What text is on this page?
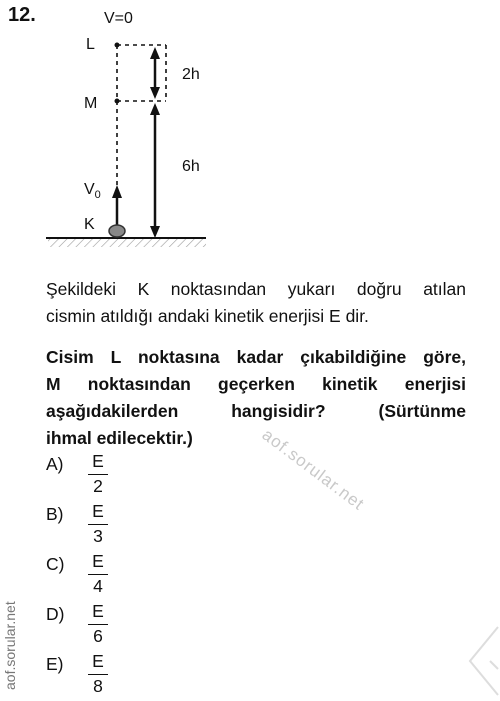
12.	V=0
L
M
2h
6h
$V_0$
K
Şekildeki K noktasından yukarı doğru atılan
cismin atıldığı andaki kinetik enerjisi E dir.
Cisim L noktasına kadar çıkabildiğine göre,
M noktasından geçerken kinetik enerjisi
aşağıdakilerden hangisidir? (Sürtünme
ihmal edilecektir.)
$A) \frac{E}{2}$
$B) \frac{E}{3}$
$C) \frac{E}{4}$
$D) \frac{E}{6}$
$E) \frac{E}{8}$
aof.sorular.net
aof.sorular.net
